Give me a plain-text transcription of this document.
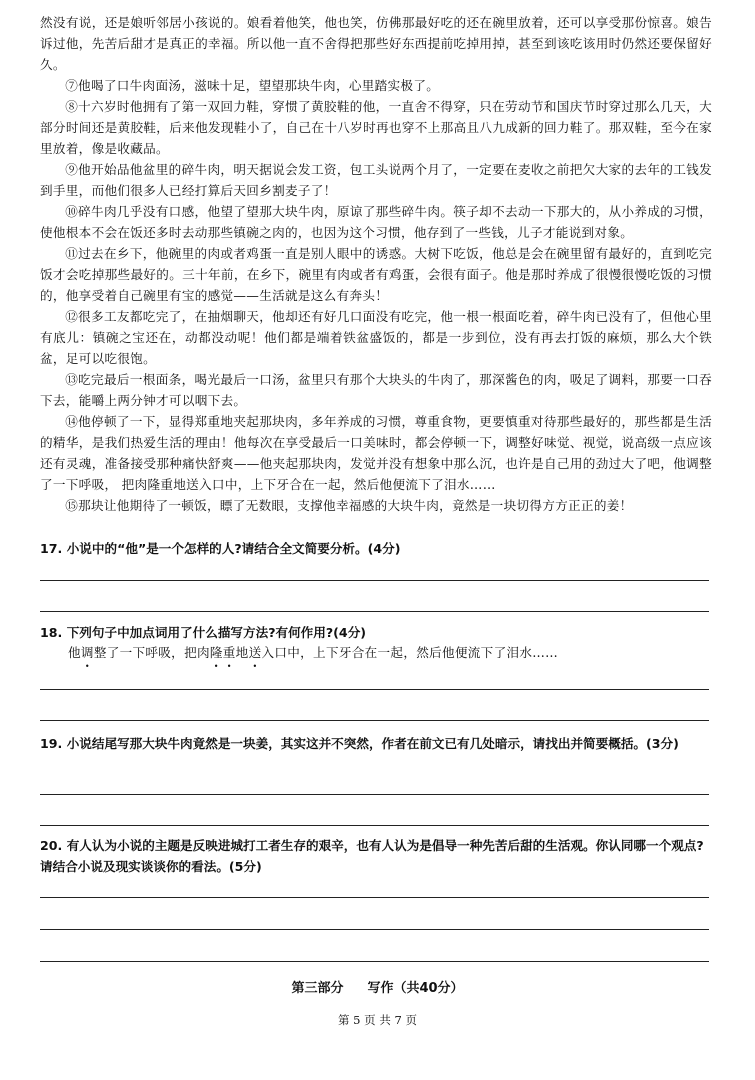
然没有说，还是娘听邻居小孩说的。娘看着他笑，他也笑，仿佛那最好吃的还在碗里放着，还可以享受那份惊喜。娘告诉过他，先苦后甜才是真正的幸福。所以他一直不舍得把那些好东西提前吃掉用掉，甚至到该吃该用时仍然还要保留好久。

⑦他喝了口牛肉面汤，滋味十足，望望那块牛肉，心里踏实极了。

⑧十六岁时他拥有了第一双回力鞋，穿惯了黄胶鞋的他，一直舍不得穿，只在劳动节和国庆节时穿过那么几天，大部分时间还是黄胶鞋，后来他发现鞋小了，自己在十八岁时再也穿不上那高且八九成新的回力鞋了。那双鞋，至今在家里放着，像是收藏品。

⑨他开始品他盆里的碎牛肉，明天据说会发工资，包工头说两个月了，一定要在麦收之前把欠大家的去年的工钱发到手里，而他们很多人已经打算后天回乡割麦子了！

⑩碎牛肉几乎没有口感，他望了望那大块牛肉，原谅了那些碎牛肉。筷子却不去动一下那大的，从小养成的习惯，使他根本不会在饭还多时去动那些镇碗之肉的，也因为这个习惯，他存到了一些钱，儿子才能说到对象。

⑪过去在乡下，他碗里的肉或者鸡蛋一直是别人眼中的诱惑。大树下吃饭，他总是会在碗里留有最好的，直到吃完饭才会吃掉那些最好的。三十年前，在乡下，碗里有肉或者有鸡蛋，会很有面子。他是那时养成了很慢很慢吃饭的习惯的，他享受着自己碗里有宝的感觉——生活就是这么有奔头！

⑫很多工友都吃完了，在抽烟聊天，他却还有好几口面没有吃完，他一根一根面吃着，碎牛肉已没有了，但他心里有底儿：镇碗之宝还在，动都没动呢！他们都是端着铁盆盛饭的，都是一步到位，没有再去打饭的麻烦，那么大个铁盆，足可以吃很饱。

⑬吃完最后一根面条，喝光最后一口汤，盆里只有那个大块头的牛肉了，那深酱色的肉，吸足了调料，那要一口吞下去，能嚼上两分钟才可以咽下去。

⑭他停顿了一下，显得郑重地夹起那块肉，多年养成的习惯，尊重食物，更要慎重对待那些最好的，那些都是生活的精华，是我们热爱生活的理由！他每次在享受最后一口美味时，都会停顿一下，调整好味觉、视觉，说高级一点应该还有灵魂，准备接受那种痛快舒爽——他夹起那块肉，发觉并没有想象中那么沉，也许是自己用的劲过大了吧，他调整了一下呼吸， 把肉隆重地送入口中，上下牙合在一起，然后他便流下了泪水……

⑮那块让他期待了一顿饭，瞟了无数眼，支撑他幸福感的大块牛肉，竟然是一块切得方方正正的姜！

17. 小说中的“他”是一个怎样的人?请结合全文简要分析。(4分)
18. 下列句子中加点词用了什么描写方法?有何作用?(4分)
他调整了一下呼吸，把肉隆重地送入口中，上下牙合在一起，然后他便流下了泪水……
19. 小说结尾写那大块牛肉竟然是一块姜，其实这并不突然，作者在前文已有几处暗示，请找出并简要概括。(3分)
20. 有人认为小说的主题是反映进城打工者生存的艰辛，也有人认为是倡导一种先苦后甜的生活观。你认同哪一个观点?请结合小说及现实谈谈你的看法。(5分)
第三部分 写作（共40分）
第 5 页 共 7 页
